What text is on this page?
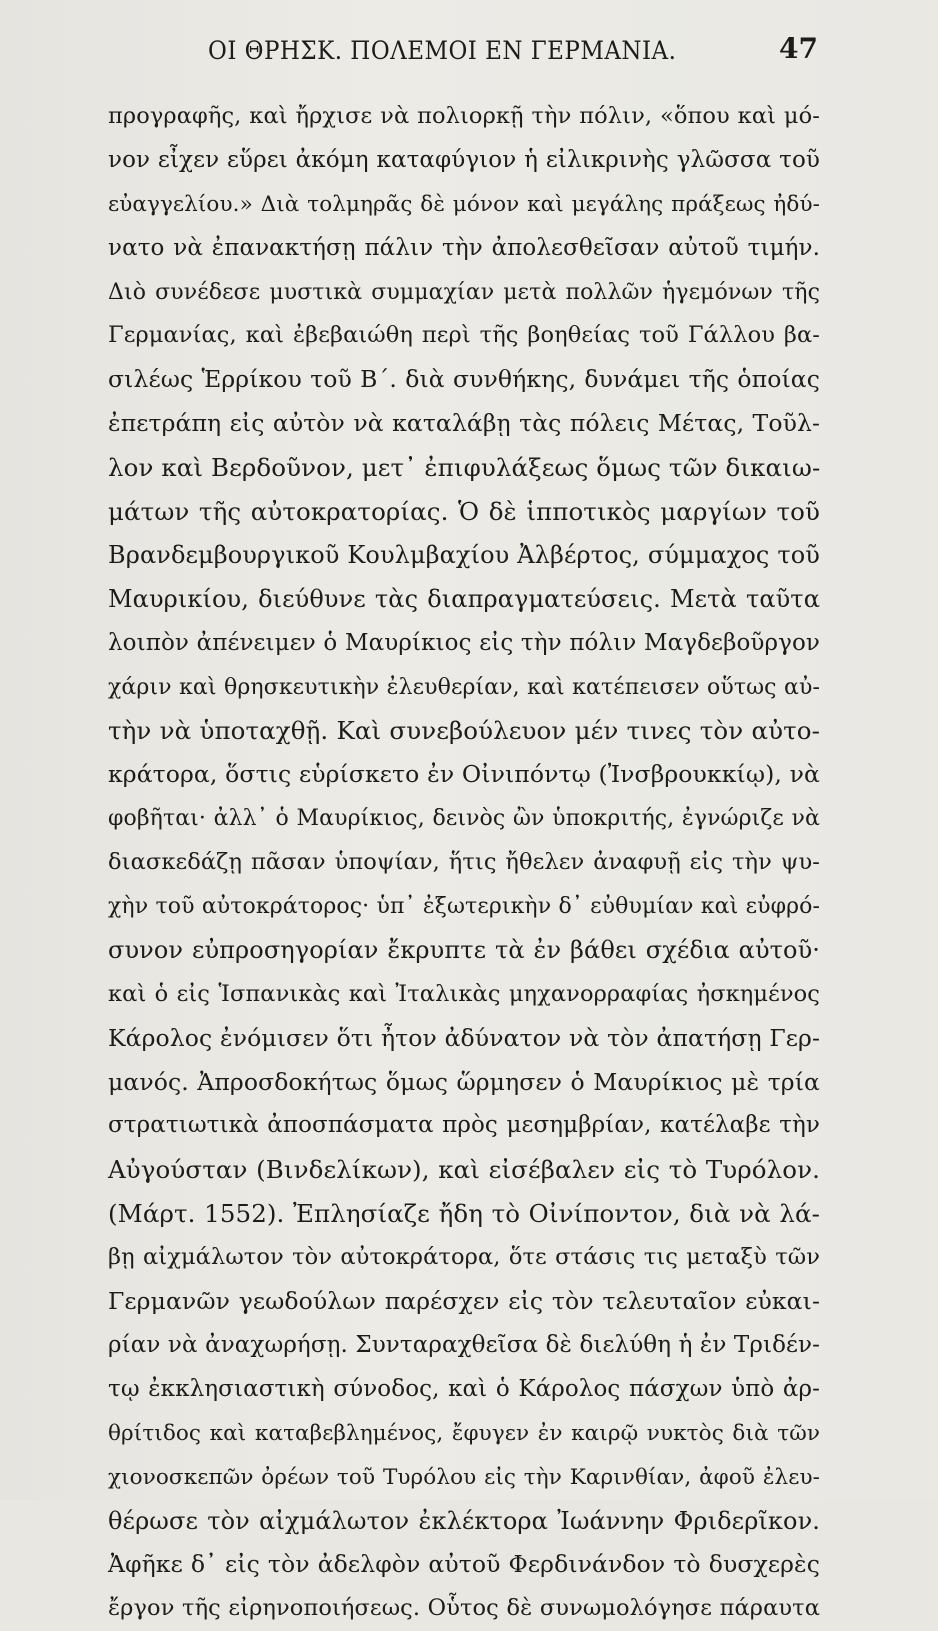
ΟΙ ΘΡΗΣΚ. ΠΟΛΕΜΟΙ ΕΝ ΓΕΡΜΑΝΙΑ.	47
προγραφῆς, καὶ ἤρχισε νὰ πολιορκῇ τὴν πόλιν, «ὅπου καὶ μό-
νον εἶχεν εὕρει ἀκόμη καταφύγιον ἡ εἰλικρινὴς γλῶσσα τοῦ
εὐαγγελίου.» Διὰ τολμηρᾶς δὲ μόνον καὶ μεγάλης πράξεως ἠδύ-
νατο νὰ ἐπανακτήσῃ πάλιν τὴν ἀπολεσθεῖσαν αὐτοῦ τιμήν.
Διὸ συνέδεσε μυστικὰ συμμαχίαν μετὰ πολλῶν ἡγεμόνων τῆς
Γερμανίας, καὶ ἐβεβαιώθη περὶ τῆς βοηθείας τοῦ Γάλλου βα-
σιλέως Ἑρρίκου τοῦ Β΄. διὰ συνθήκης, δυνάμει τῆς ὁποίας
ἐπετράπη εἰς αὐτὸν νὰ καταλάβῃ τὰς πόλεις Μέτας, Τοῦλ-
λον καὶ Βερδοῦνον, μετ᾿ ἐπιφυλάξεως ὅμως τῶν δικαιω-
μάτων τῆς αὐτοκρατορίας. Ὁ δὲ ἱπποτικὸς μαργίων τοῦ
Βρανδεμβουργικοῦ Κουλμβαχίου Ἀλβέρτος, σύμμαχος τοῦ
Μαυρικίου, διεύθυνε τὰς διαπραγματεύσεις. Μετὰ ταῦτα
λοιπὸν ἀπένειμεν ὁ Μαυρίκιος εἰς τὴν πόλιν Μαγδεβοῦργον
χάριν καὶ θρησκευτικὴν ἐλευθερίαν, καὶ κατέπεισεν οὕτως αὐ-
τὴν νὰ ὑποταχθῇ. Καὶ συνεβούλευον μέν τινες τὸν αὐτο-
κράτορα, ὅστις εὑρίσκετο ἐν Οἰνιπόντῳ (Ἰνσβρουκκίῳ), νὰ
φοβῆται· ἀλλ᾿ ὁ Μαυρίκιος, δεινὸς ὢν ὑποκριτής, ἐγνώριζε νὰ
διασκεδάζῃ πᾶσαν ὑποψίαν, ἥτις ἤθελεν ἀναφυῇ εἰς τὴν ψυ-
χὴν τοῦ αὐτοκράτορος· ὑπ᾿ ἐξωτερικὴν δ᾿ εὐθυμίαν καὶ εὐφρό-
συνον εὐπροσηγορίαν ἔκρυπτε τὰ ἐν βάθει σχέδια αὐτοῦ·
καὶ ὁ εἰς Ἱσπανικὰς καὶ Ἰταλικὰς μηχανορραφίας ἠσκημένος
Κάρολος ἐνόμισεν ὅτι ἦτον ἀδύνατον νὰ τὸν ἀπατήσῃ Γερ-
μανός. Ἀπροσδοκήτως ὅμως ὥρμησεν ὁ Μαυρίκιος μὲ τρία
στρατιωτικὰ ἀποσπάσματα πρὸς μεσημβρίαν, κατέλαβε τὴν
Αὐγούσταν (Βινδελίκων), καὶ εἰσέβαλεν εἰς τὸ Τυρόλον.
(Μάρτ. 1552). Ἐπλησίαζε ἤδη τὸ Οἰνίποντον, διὰ νὰ λά-
βῃ αἰχμάλωτον τὸν αὐτοκράτορα, ὅτε στάσις τις μεταξὺ τῶν
Γερμανῶν γεωδούλων παρέσχεν εἰς τὸν τελευταῖον εὐκαι-
ρίαν νὰ ἀναχωρήσῃ. Συνταραχθεῖσα δὲ διελύθη ἡ ἐν Τριδέν-
τῳ ἐκκλησιαστικὴ σύνοδος, καὶ ὁ Κάρολος πάσχων ὑπὸ ἀρ-
θρίτιδος καὶ καταβεβλημένος, ἔφυγεν ἐν καιρῷ νυκτὸς διὰ τῶν
χιονοσκεπῶν ὀρέων τοῦ Τυρόλου εἰς τὴν Καρινθίαν, ἀφοῦ ἐλευ-
θέρωσε τὸν αἰχμάλωτον ἐκλέκτορα Ἰωάννην Φριδερῖκον.
Ἀφῆκε δ᾿ εἰς τὸν ἀδελφὸν αὐτοῦ Φερδινάνδον τὸ δυσχερὲς
ἔργον τῆς εἰρηνοποιήσεως. Οὗτος δὲ συνωμολόγησε πάραυτα
